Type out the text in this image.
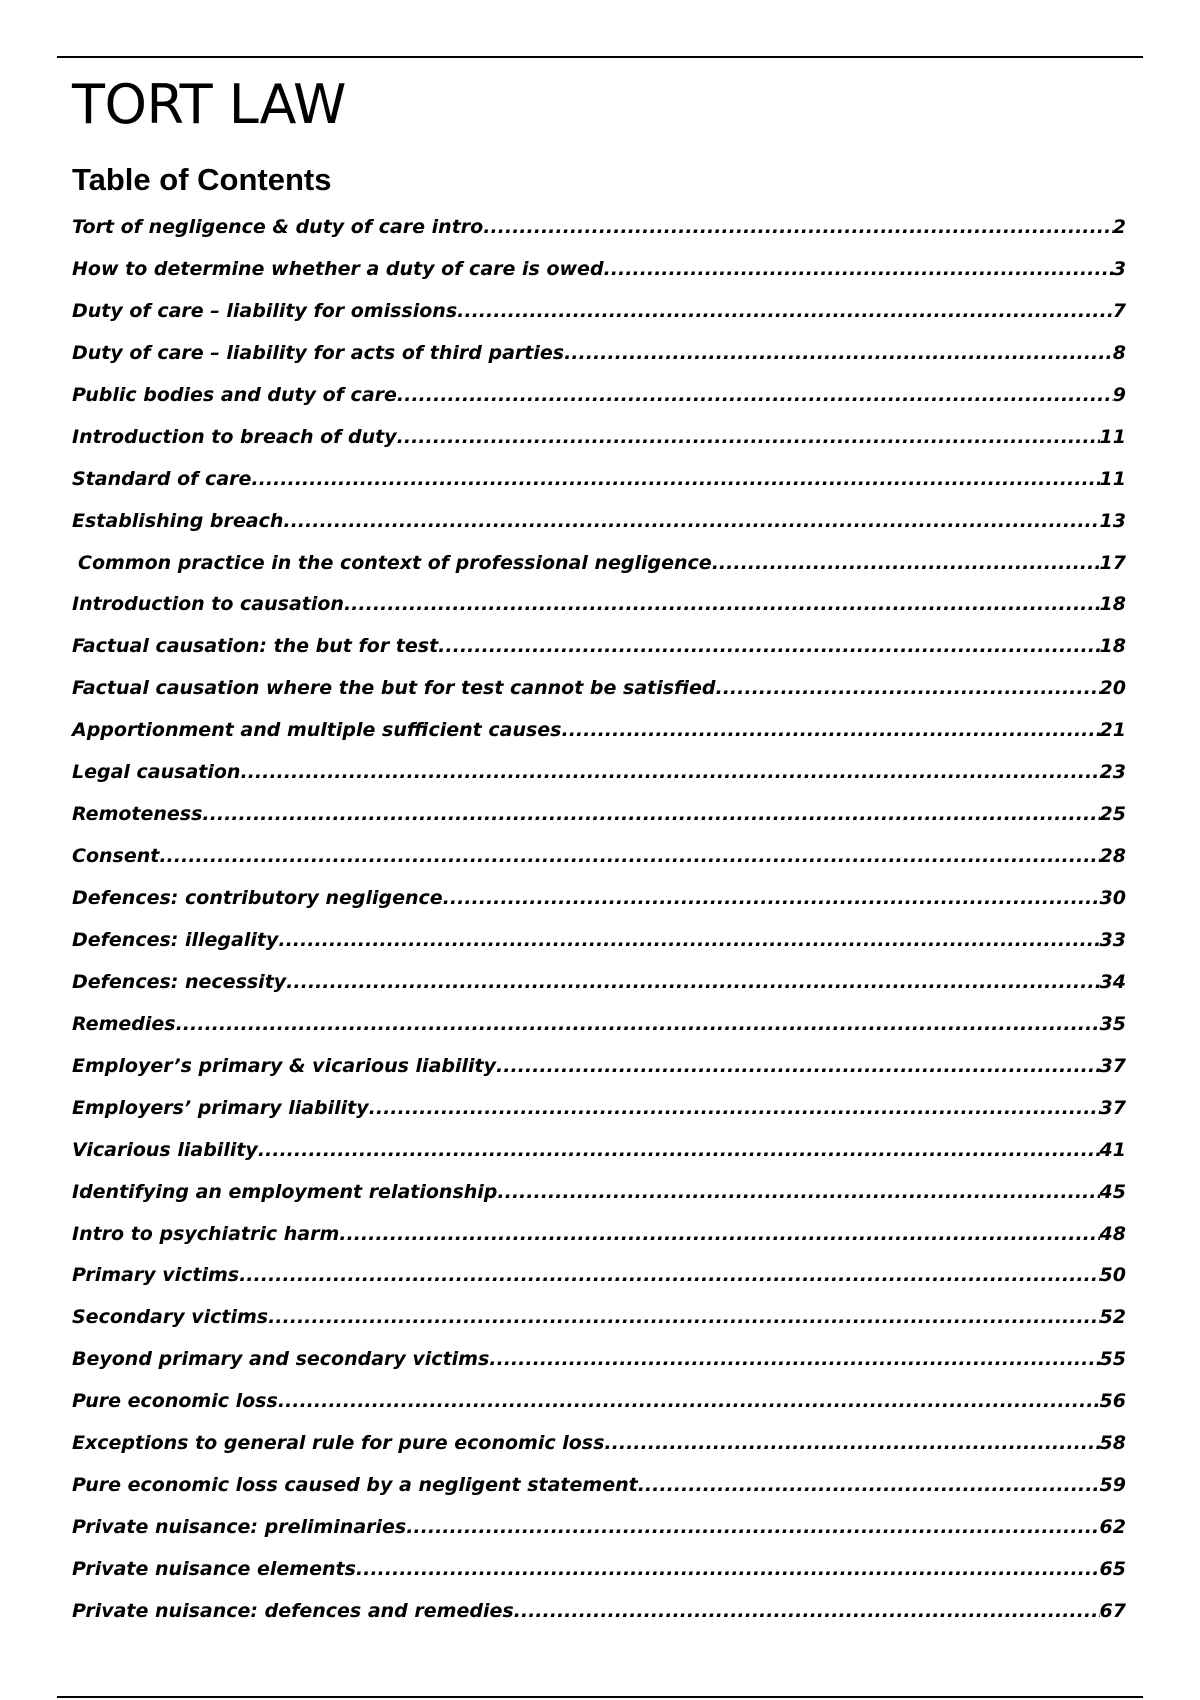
TORT LAW
Table of Contents
Tort of negligence & duty of care intro .....	2
How to determine whether a duty of care is owed .....	3
Duty of care – liability for omissions .....	7
Duty of care – liability for acts of third parties .....	8
Public bodies and duty of care .....	9
Introduction to breach of duty .....	11
Standard of care .....	11
Establishing breach .....	13
Common practice in the context of professional negligence .....	17
Introduction to causation .....	18
Factual causation: the but for test .....	18
Factual causation where the but for test cannot be satisfied .....	20
Apportionment and multiple sufficient causes .....	21
Legal causation .....	23
Remoteness .....	25
Consent .....	28
Defences: contributory negligence .....	30
Defences: illegality .....	33
Defences: necessity .....	34
Remedies .....	35
Employer’s primary & vicarious liability .....	37
Employers’ primary liability .....	37
Vicarious liability .....	41
Identifying an employment relationship .....	45
Intro to psychiatric harm .....	48
Primary victims .....	50
Secondary victims .....	52
Beyond primary and secondary victims .....	55
Pure economic loss .....	56
Exceptions to general rule for pure economic loss .....	58
Pure economic loss caused by a negligent statement .....	59
Private nuisance: preliminaries .....	62
Private nuisance elements .....	65
Private nuisance: defences and remedies .....	67
